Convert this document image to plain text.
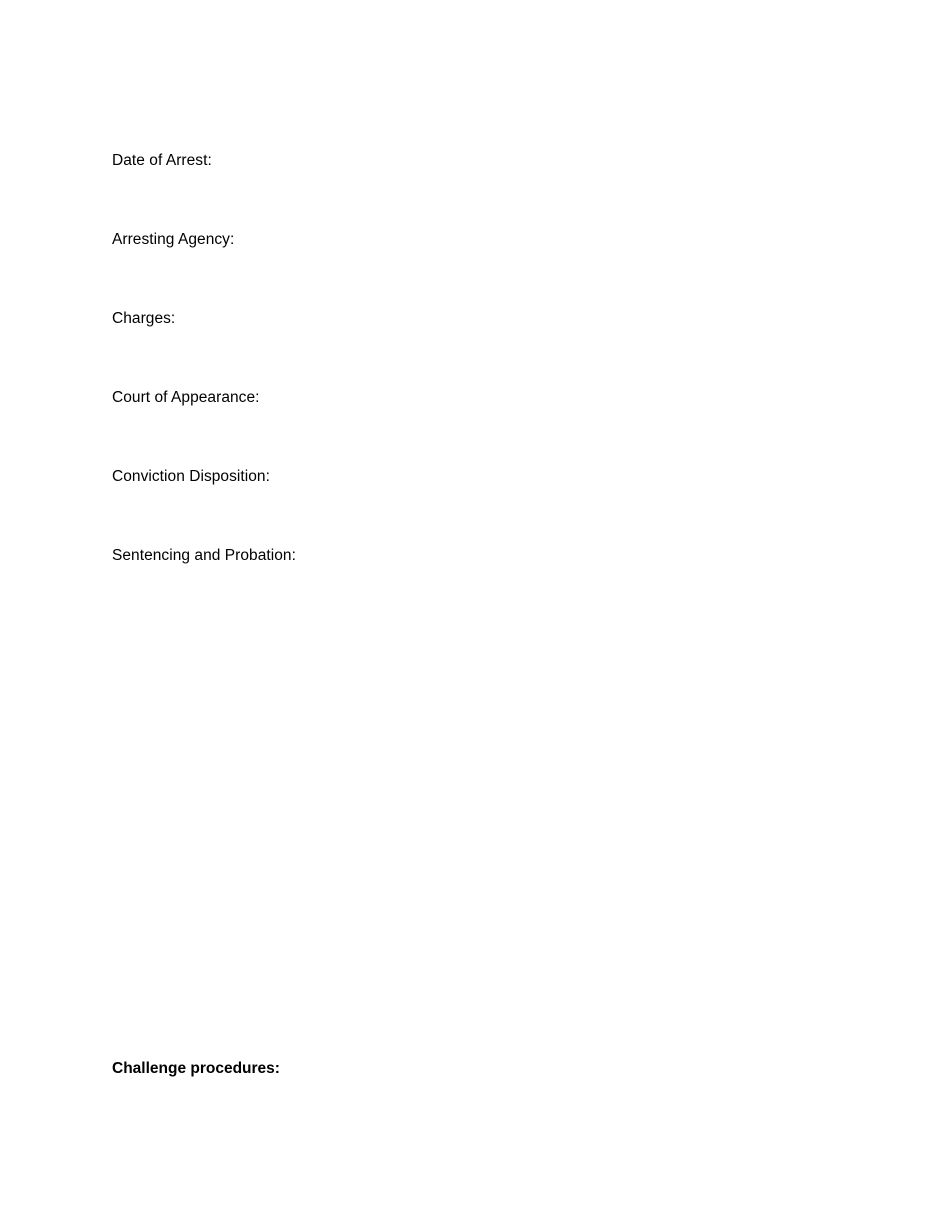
Date of Arrest:
Arresting Agency:
Charges:
Court of Appearance:
Conviction Disposition:
Sentencing and Probation:
Challenge procedures:
